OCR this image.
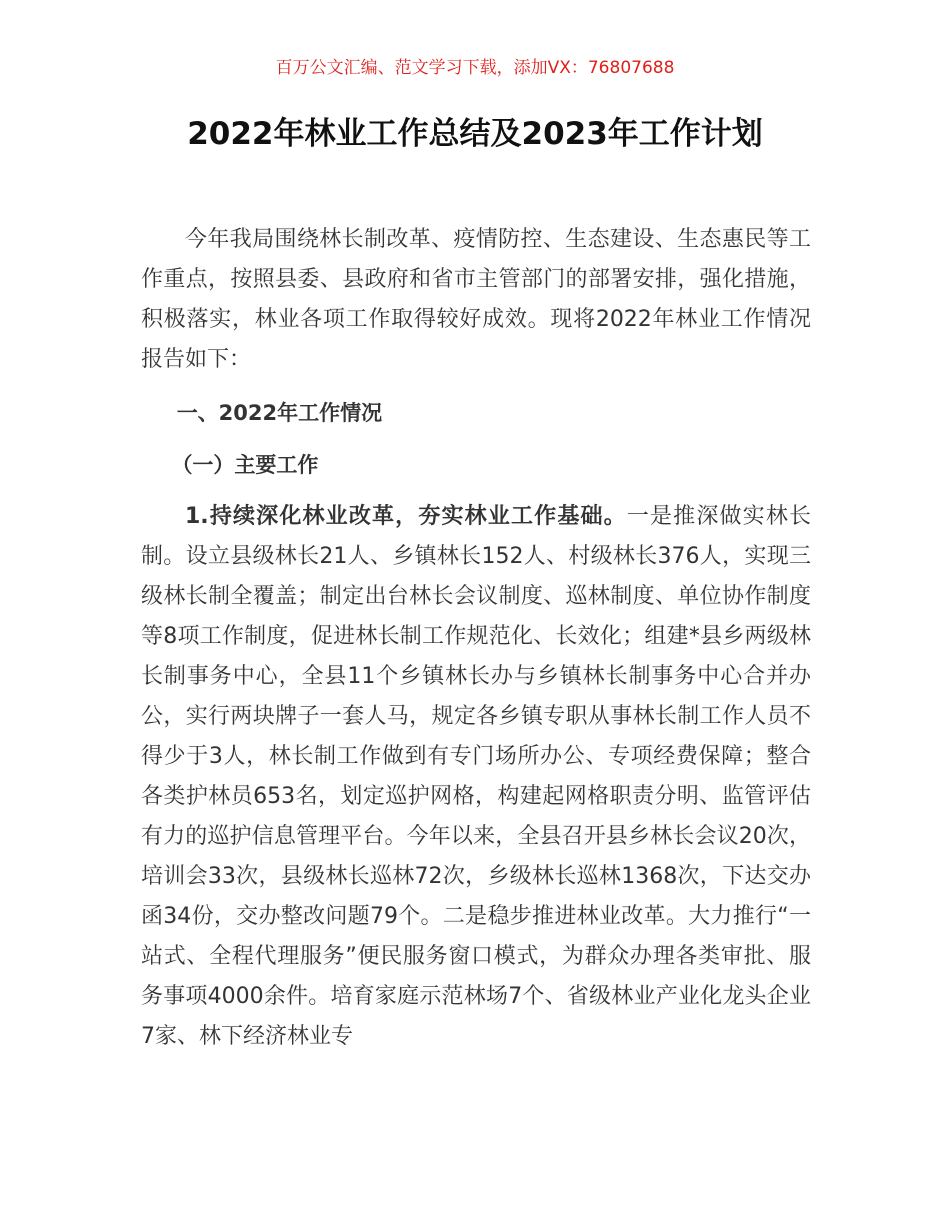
百万公文汇编、范文学习下载，添加VX：76807688
2022年林业工作总结及2023年工作计划

今年我局围绕林长制改革、疫情防控、生态建设、生态惠民等工作重点，按照县委、县政府和省市主管部门的部署安排，强化措施，积极落实，林业各项工作取得较好成效。现将2022年林业工作情况报告如下：

一、2022年工作情况

（一）主要工作

1.持续深化林业改革，夯实林业工作基础。一是推深做实林长制。设立县级林长21人、乡镇林长152人、村级林长376人，实现三级林长制全覆盖；制定出台林长会议制度、巡林制度、单位协作制度等8项工作制度，促进林长制工作规范化、长效化；组建*县乡两级林长制事务中心，全县11个乡镇林长办与乡镇林长制事务中心合并办公，实行两块牌子一套人马，规定各乡镇专职从事林长制工作人员不得少于3人，林长制工作做到有专门场所办公、专项经费保障；整合各类护林员653名，划定巡护网格，构建起网格职责分明、监管评估有力的巡护信息管理平台。今年以来，全县召开县乡林长会议20次，培训会33次，县级林长巡林72次，乡级林长巡林1368次，下达交办函34份，交办整改问题79个。二是稳步推进林业改革。大力推行“一站式、全程代理服务”便民服务窗口模式，为群众办理各类审批、服务事项4000余件。培育家庭示范林场7个、省级林业产业化龙头企业7家、林下经济林业专
